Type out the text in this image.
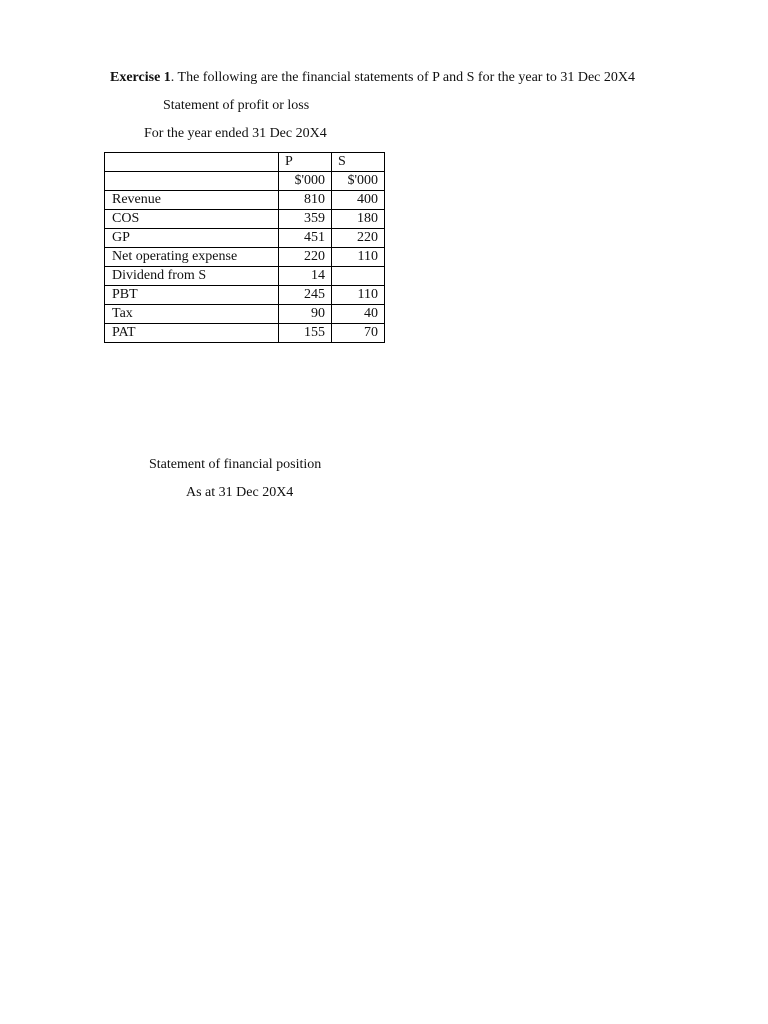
Exercise 1. The following are the financial statements of P and S for the year to 31 Dec 20X4
Statement of profit or loss
For the year ended 31 Dec 20X4
	P	S
	$'000	$'000
Revenue	810	400
COS	359	180
GP	451	220
Net operating expense	220	110
Dividend from S	14	
PBT	245	110
Tax	90	40
PAT	155	70
Statement of financial position
As at 31 Dec 20X4
